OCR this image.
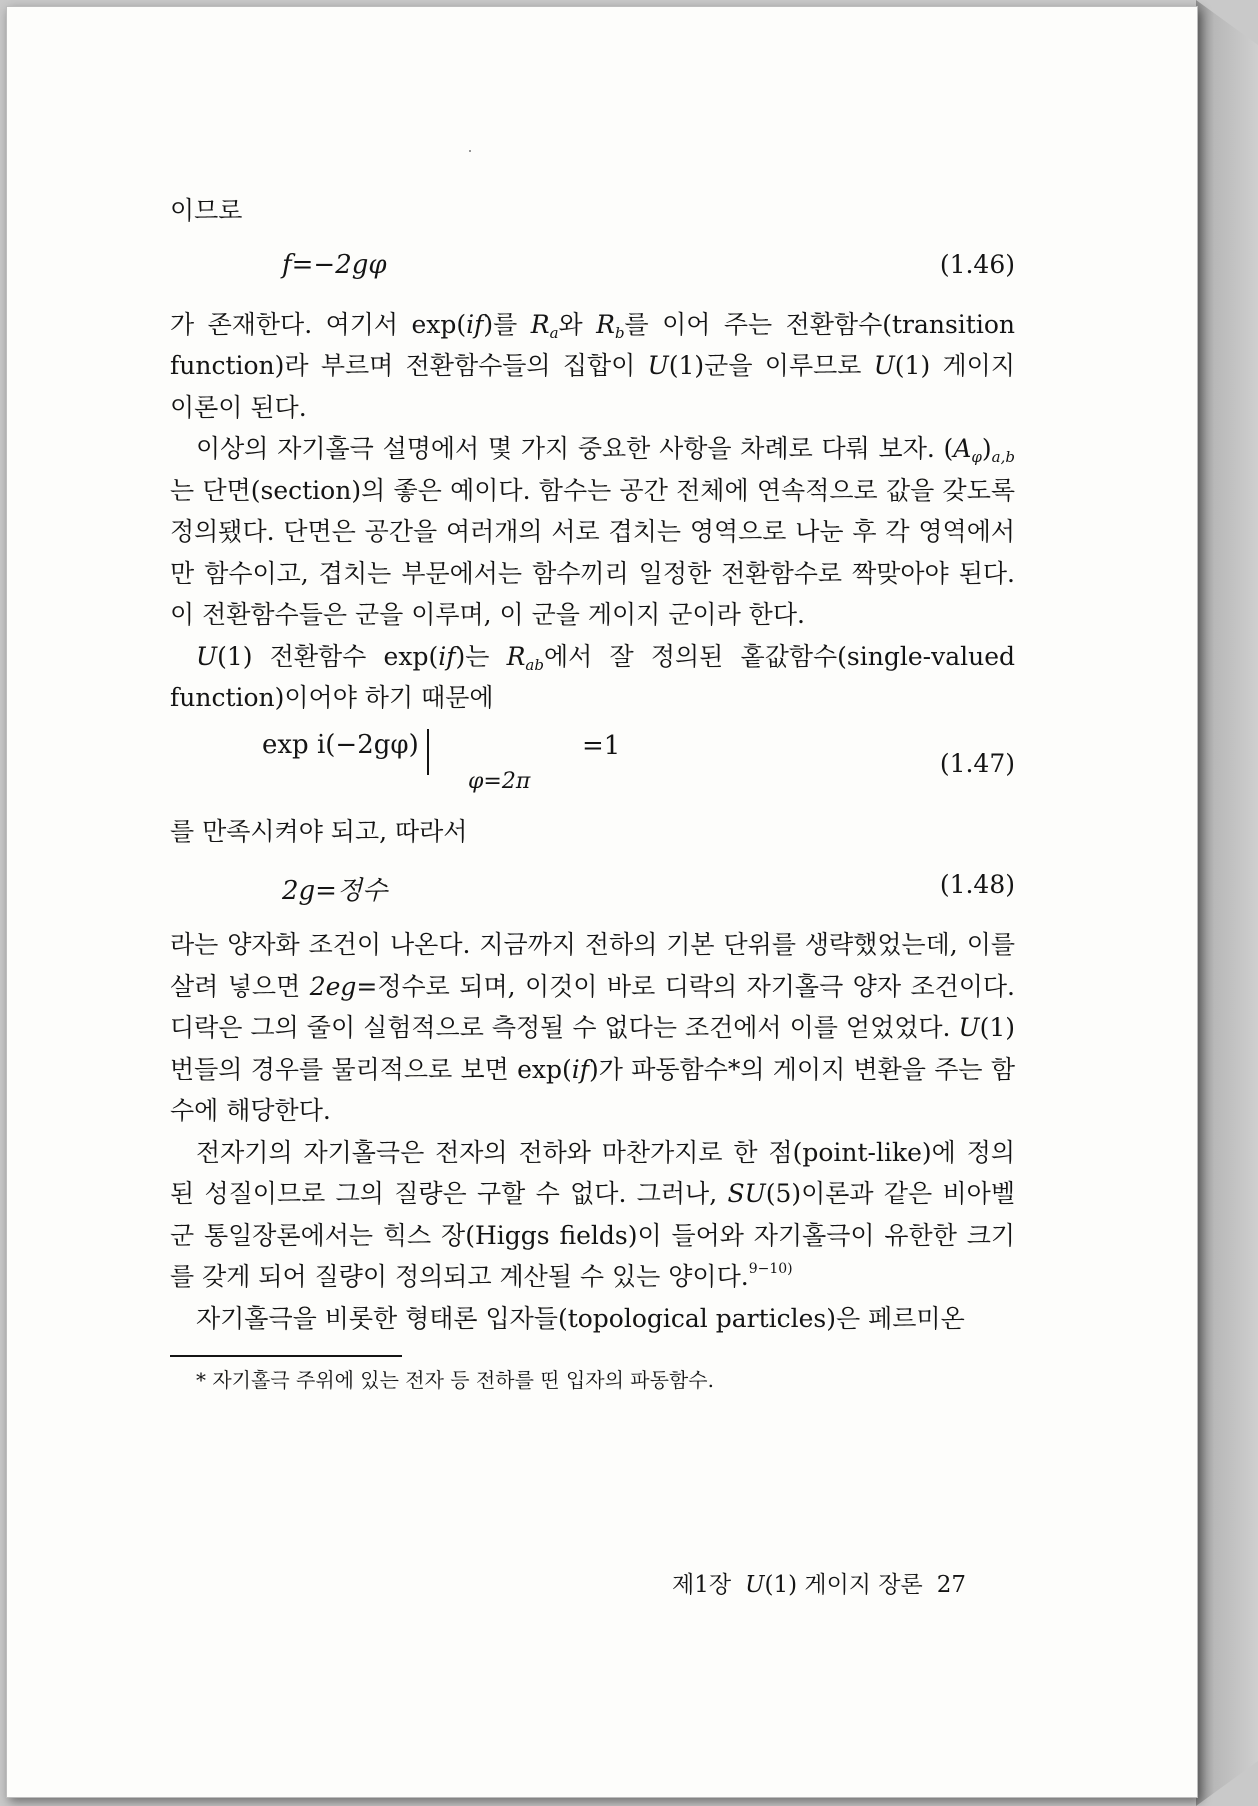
이므로

f=−2gφ	(1.46)

가 존재한다. 여기서 exp(if)를 $R_a$와 $R_b$를 이어 주는 전환함수(transition function)라 부르며 전환함수들의 집합이 U(1)군을 이루므로 U(1) 게이지 이론이 된다.

이상의 자기홀극 설명에서 몇 가지 중요한 사항을 차례로 다뤄 보자. $(A_\varphi)_{a,b}$는 단면(section)의 좋은 예이다. 함수는 공간 전체에 연속적으로 값을 갖도록 정의됐다. 단면은 공간을 여러개의 서로 겹치는 영역으로 나눈 후 각 영역에서만 함수이고, 겹치는 부문에서는 함수끼리 일정한 전환함수로 짝맞아야 된다. 이 전환함수들은 군을 이루며, 이 군을 게이지 군이라 한다.

U(1) 전환함수 exp(if)는 $R_{ab}$에서 잘 정의된 홑값함수(single-valued function)이어야 하기 때문에

exp i(−2gφ)
φ=2π
=1
(1.47)

를 만족시켜야 되고, 따라서

2g=정수	(1.48)

라는 양자화 조건이 나온다. 지금까지 전하의 기본 단위를 생략했었는데, 이를 살려 넣으면 2eg=정수로 되며, 이것이 바로 디락의 자기홀극 양자 조건이다. 디락은 그의 줄이 실험적으로 측정될 수 없다는 조건에서 이를 얻었었다. U(1)번들의 경우를 물리적으로 보면 exp(if)가 파동함수*의 게이지 변환을 주는 함수에 해당한다.

전자기의 자기홀극은 전자의 전하와 마찬가지로 한 점(point-like)에 정의된 성질이므로 그의 질량은 구할 수 없다. 그러나, SU(5)이론과 같은 비아벨 군 통일장론에서는 힉스 장(Higgs fields)이 들어와 자기홀극이 유한한 크기를 갖게 되어 질량이 정의되고 계산될 수 있는 양이다.$^{9-10)}$

자기홀극을 비롯한 형태론 입자들(topological particles)은 페르미온

* 자기홀극 주위에 있는 전자 등 전하를 띤 입자의 파동함수.

제1장 U(1) 게이지 장론 27
